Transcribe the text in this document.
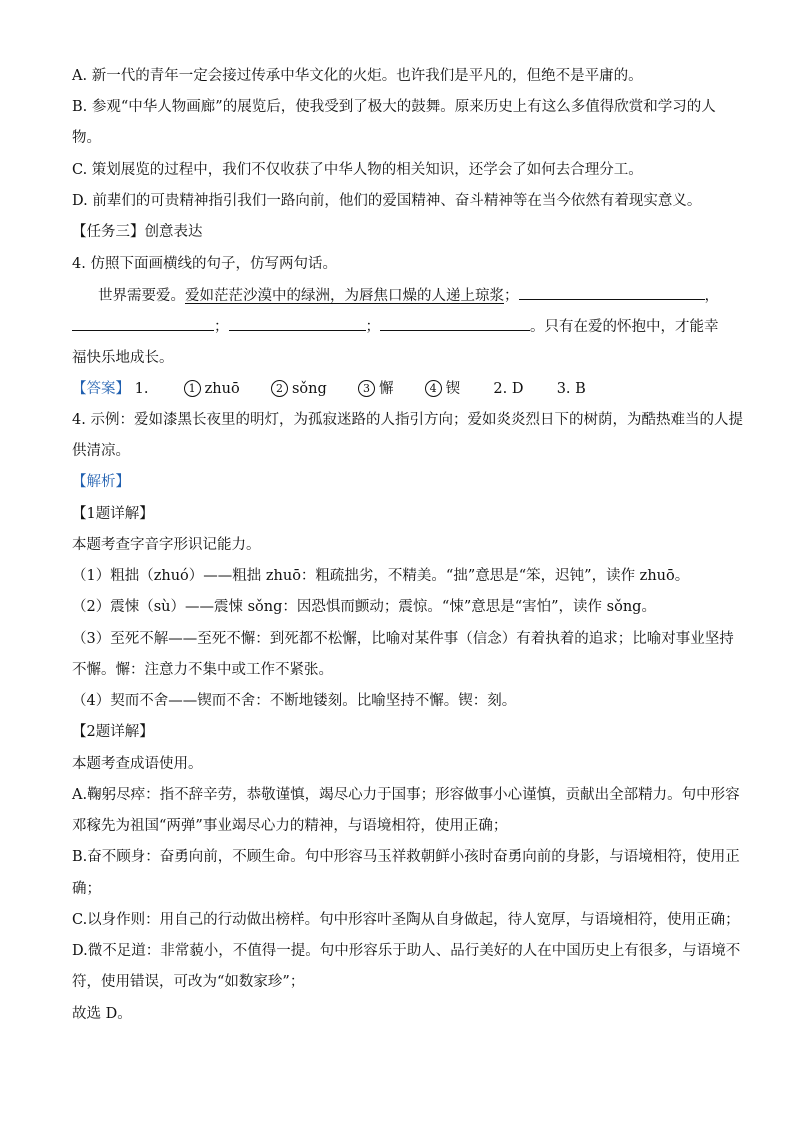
A. 新一代的青年一定会接过传承中华文化的火炬。也许我们是平凡的，但绝不是平庸的。
B. 参观“中华人物画廊”的展览后，使我受到了极大的鼓舞。原来历史上有这么多值得欣赏和学习的人
物。
C. 策划展览的过程中，我们不仅收获了中华人物的相关知识，还学会了如何去合理分工。
D. 前辈们的可贵精神指引我们一路向前，他们的爱国精神、奋斗精神等在当今依然有着现实意义。
【任务三】创意表达
4. 仿照下面画横线的句子，仿写两句话。
世界需要爱。爱如茫茫沙漠中的绿洲，为唇焦口燥的人递上琼浆；	，
；	；	。只有在爱的怀抱中，才能幸
福快乐地成长。
【答案】 1.	1 zhuō	2 sǒng	3 懈	4 锲 2. D 3. B
4. 示例：爱如漆黑长夜里的明灯，为孤寂迷路的人指引方向；爱如炎炎烈日下的树荫，为酷热难当的人提
供清凉。
【解析】
【1题详解】
本题考查字音字形识记能力。
（1）粗拙（zhuó）——粗拙 zhuō：粗疏拙劣，不精美。“拙”意思是“笨，迟钝”，读作 zhuō。
（2）震悚（sù）——震悚 sǒng：因恐惧而颤动；震惊。“悚”意思是“害怕”，读作 sǒng。
（3）至死不解——至死不懈：到死都不松懈，比喻对某件事（信念）有着执着的追求；比喻对事业坚持
不懈。懈：注意力不集中或工作不紧张。
（4）契而不舍——锲而不舍：不断地镂刻。比喻坚持不懈。锲：刻。
【2题详解】
本题考查成语使用。
A.鞠躬尽瘁：指不辞辛劳，恭敬谨慎，竭尽心力于国事；形容做事小心谨慎，贡献出全部精力。句中形容
邓稼先为祖国“两弹”事业竭尽心力的精神，与语境相符，使用正确；
B.奋不顾身：奋勇向前，不顾生命。句中形容马玉祥救朝鲜小孩时奋勇向前的身影，与语境相符，使用正
确；
C.以身作则：用自己的行动做出榜样。句中形容叶圣陶从自身做起，待人宽厚，与语境相符，使用正确；
D.微不足道：非常藐小，不值得一提。句中形容乐于助人、品行美好的人在中国历史上有很多，与语境不
符，使用错误，可改为“如数家珍”；
故选 D。
